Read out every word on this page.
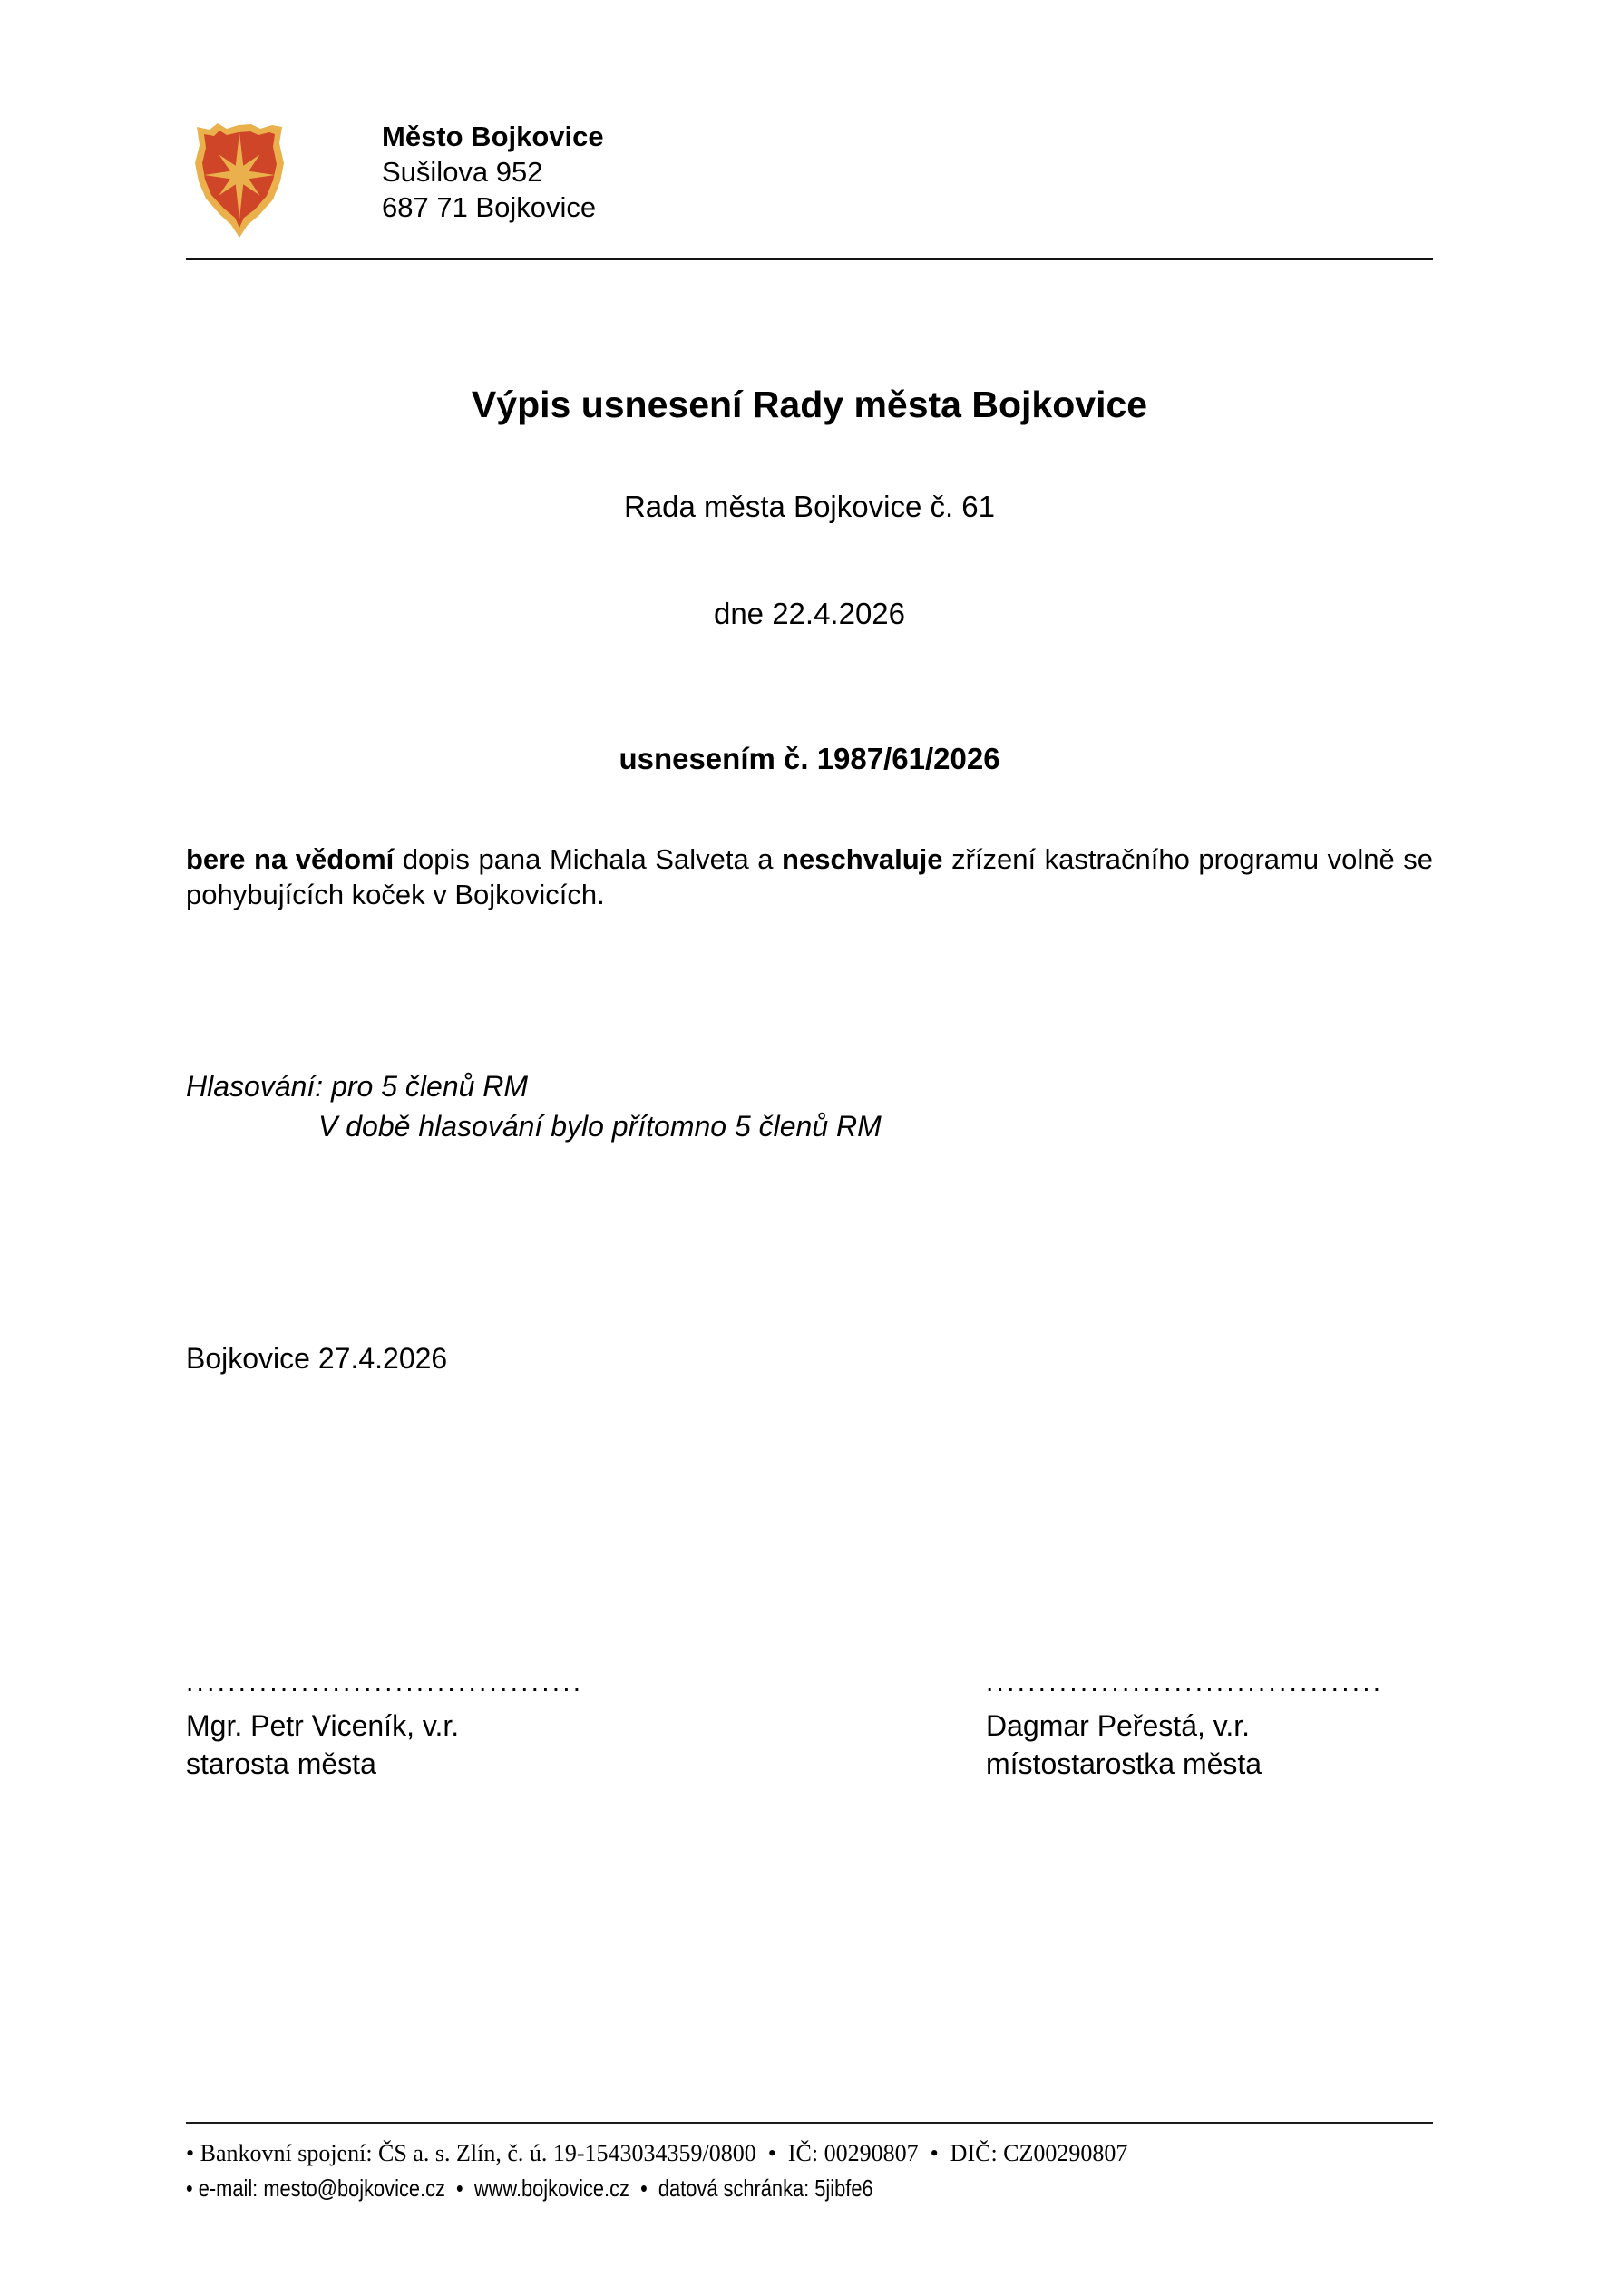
Město Bojkovice
Sušilova 952
687 71 Bojkovice
Výpis usnesení Rady města Bojkovice
Rada města Bojkovice č. 61
dne 22.4.2026
usnesením č. 1987/61/2026
bere na vědomí dopis pana Michala Salveta a neschvaluje zřízení kastračního programu volně se
pohybujících koček v Bojkovicích.
Hlasování: pro 5 členů RM
V době hlasování bylo přítomno 5 členů RM
Bojkovice 27.4.2026
......................................
Mgr. Petr Viceník, v.r.
starosta města
......................................
Dagmar Peřestá, v.r.
místostarostka města
• Bankovní spojení: ČS a. s. Zlín, č. ú. 19-1543034359/0800  •  IČ: 00290807  •  DIČ: CZ00290807
• e-mail: mesto@bojkovice.cz  •  www.bojkovice.cz  •  datová schránka: 5jibfe6
